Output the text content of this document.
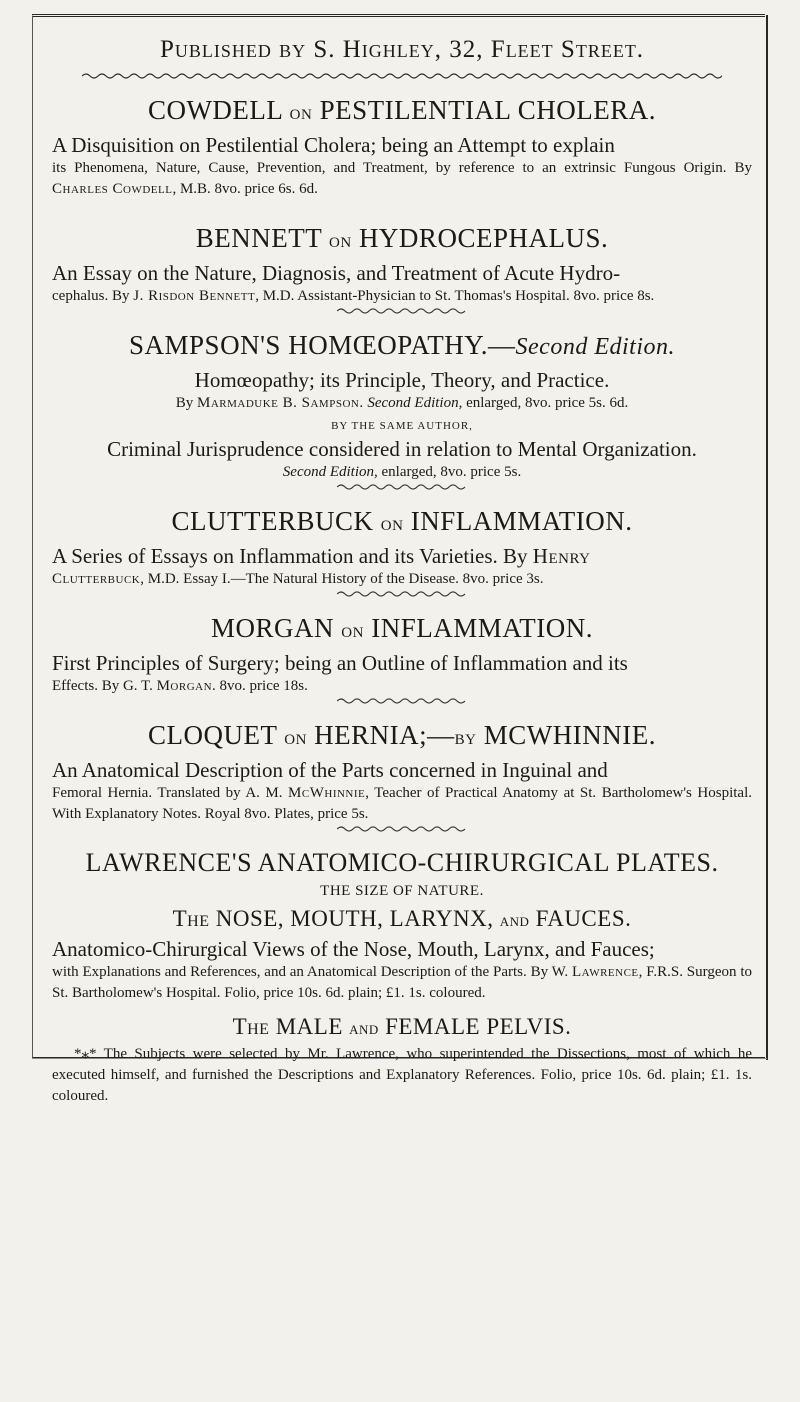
Published by S. Highley, 32, Fleet Street.
COWDELL on PESTILENTIAL CHOLERA.
A Disquisition on Pestilential Cholera; being an Attempt to explain
its Phenomena, Nature, Cause, Prevention, and Treatment, by reference to an extrinsic Fungous Origin. By Charles Cowdell, M.B. 8vo. price 6s. 6d.
BENNETT on HYDROCEPHALUS.
An Essay on the Nature, Diagnosis, and Treatment of Acute Hydro-
cephalus. By J. Risdon Bennett, M.D. Assistant-Physician to St. Thomas's Hospital. 8vo. price 8s.
SAMPSON'S HOMŒOPATHY.—Second Edition.
Homœopathy; its Principle, Theory, and Practice.
By Marmaduke B. Sampson. Second Edition, enlarged, 8vo. price 5s. 6d.
BY THE SAME AUTHOR,
Criminal Jurisprudence considered in relation to Mental Organization.
Second Edition, enlarged, 8vo. price 5s.
CLUTTERBUCK on INFLAMMATION.
A Series of Essays on Inflammation and its Varieties. By Henry
Clutterbuck, M.D. Essay I.—The Natural History of the Disease. 8vo. price 3s.
MORGAN on INFLAMMATION.
First Principles of Surgery; being an Outline of Inflammation and its
Effects. By G. T. Morgan. 8vo. price 18s.
CLOQUET on HERNIA;—by MCWHINNIE.
An Anatomical Description of the Parts concerned in Inguinal and
Femoral Hernia. Translated by A. M. McWhinnie, Teacher of Practical Anatomy at St. Bartholomew's Hospital. With Explanatory Notes. Royal 8vo. Plates, price 5s.
LAWRENCE'S ANATOMICO-CHIRURGICAL PLATES.
THE SIZE OF NATURE.
The NOSE, MOUTH, LARYNX, and FAUCES.
Anatomico-Chirurgical Views of the Nose, Mouth, Larynx, and Fauces;
with Explanations and References, and an Anatomical Description of the Parts. By W. Lawrence, F.R.S. Surgeon to St. Bartholomew's Hospital. Folio, price 10s. 6d. plain; £1. 1s. coloured.
The MALE and FEMALE PELVIS.
*⁎* The Subjects were selected by Mr. Lawrence, who superintended the Dissections, most of which he executed himself, and furnished the Descriptions and Explanatory References. Folio, price 10s. 6d. plain; £1. 1s. coloured.
